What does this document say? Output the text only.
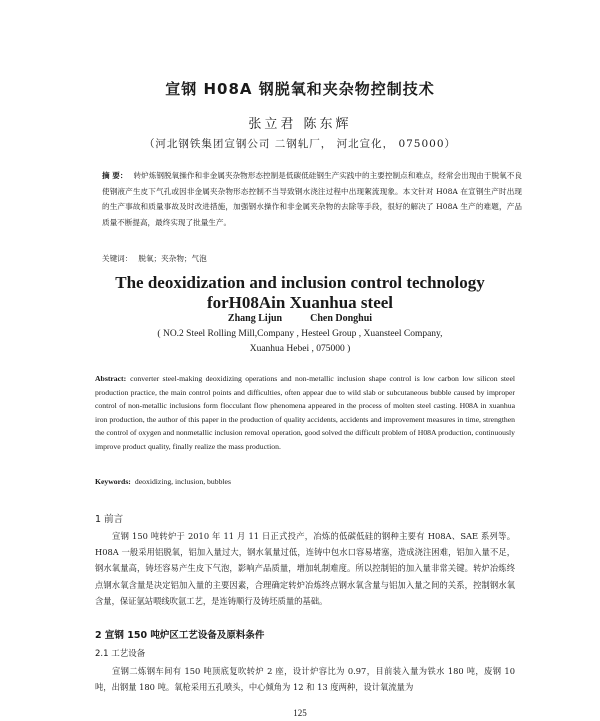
宣钢 H08A 钢脱氧和夹杂物控制技术
张立君 陈东辉
（河北钢铁集团宣钢公司 二钢轧厂， 河北宣化， 075000）
摘 要： 转炉炼钢脱氧操作和非金属夹杂物形态控制是低碳低硅钢生产实践中的主要控制点和难点，经常会出现由于脱氧不良使钢液产生皮下气孔或因非金属夹杂物形态控制不当导致钢水浇注过程中出现絮流现象。本文针对 H08A 在宣钢生产时出现的生产事故和质量事故及时改进措施，加强钢水操作和非金属夹杂物的去除等手段，很好的解决了 H08A 生产的难题，产品质量不断提高，最终实现了批量生产。
关键词： 脱氧；夹杂物；气泡
The deoxidization and inclusion control technology
forH08Ain Xuanhua steel
Zhang Lijun	Chen Donghui
( NO.2 Steel Rolling Mill,Company , Hesteel Group , Xuansteel Company,
Xuanhua Hebei , 075000 )
Abstract: converter steel-making deoxidizing operations and non-metallic inclusion shape control is low carbon low silicon steel production practice, the main control points and difficulties, often appear due to wild slab or subcutaneous bubble caused by improper control of non-metallic inclusions form flocculant flow phenomena appeared in the process of molten steel casting. H08A in xuanhua iron production, the author of this paper in the production of quality accidents, accidents and improvement measures in time, strengthen the control of oxygen and nonmetallic inclusion removal operation, good solved the difficult problem of H08A production, continuously improve product quality, finally realize the mass production.
Keywords: deoxidizing, inclusion, bubbles
1 前言
宣钢 150 吨转炉于 2010 年 11 月 11 日正式投产，冶炼的低碳低硅的钢种主要有 H08A、SAE 系列等。H08A 一般采用铝脱氧，铝加入量过大，钢水氧量过低，连铸中包水口容易堵塞，造成浇注困难，铝加入量不足，钢水氧量高，铸坯容易产生皮下气泡，影响产品质量，增加轧制难度。所以控制铝的加入量非常关键。转炉冶炼终点钢水氧含量是决定铝加入量的主要因素，合理确定转炉冶炼终点钢水氧含量与铝加入量之间的关系，控制钢水氧含量，保证氩站喂线吹氩工艺，是连铸顺行及铸坯质量的基础。
2 宣钢 150 吨炉区工艺设备及原料条件
2.1 工艺设备
宣钢二炼钢车间有 150 吨顶底复吹转炉 2 座，设计炉容比为 0.97，目前装入量为铁水 180 吨，废钢 10 吨，出钢量 180 吨。氧枪采用五孔喷头，中心倾角为 12 和 13 度两种，设计氧流量为
125
